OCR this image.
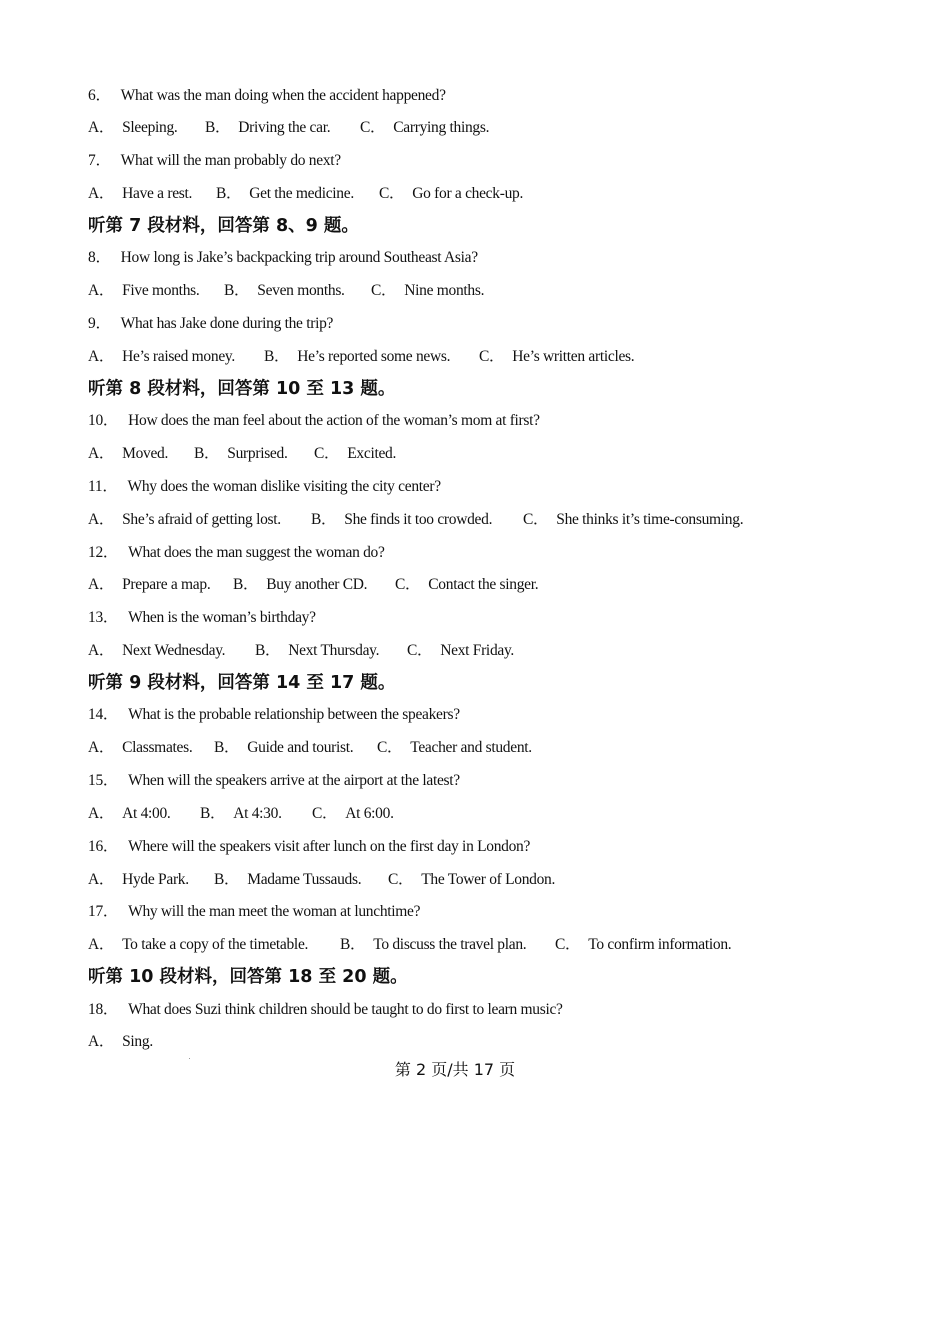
6． What was the man doing when the accident happened?
A． Sleeping. B． Driving the car. C． Carrying things.
7． What will the man probably do next?
A． Have a rest. B． Get the medicine. C． Go for a check-up.
听第 7 段材料，回答第 8、9 题。
8． How long is Jake’s backpacking trip around Southeast Asia?
A． Five months. B． Seven months. C． Nine months.
9． What has Jake done during the trip?
A． He’s raised money. B． He’s reported some news. C． He’s written articles.
听第 8 段材料，回答第 10 至 13 题。
10． How does the man feel about the action of the woman’s mom at first?
A． Moved. B． Surprised. C． Excited.
11． Why does the woman dislike visiting the city center?
A． She’s afraid of getting lost. B． She finds it too crowded. C． She thinks it’s time-consuming.
12． What does the man suggest the woman do?
A． Prepare a map. B． Buy another CD. C． Contact the singer.
13． When is the woman’s birthday?
A． Next Wednesday. B． Next Thursday. C． Next Friday.
听第 9 段材料，回答第 14 至 17 题。
14． What is the probable relationship between the speakers?
A． Classmates. B． Guide and tourist. C． Teacher and student.
15． When will the speakers arrive at the airport at the latest?
A． At 4:00. B． At 4:30. C． At 6:00.
16． Where will the speakers visit after lunch on the first day in London?
A． Hyde Park. B． Madame Tussauds. C． The Tower of London.
17． Why will the man meet the woman at lunchtime?
A． To take a copy of the timetable. B． To discuss the travel plan. C． To confirm information.
听第 10 段材料，回答第 18 至 20 题。
18． What does Suzi think children should be taught to do first to learn music?
A． Sing.
第 2 页/共 17 页
